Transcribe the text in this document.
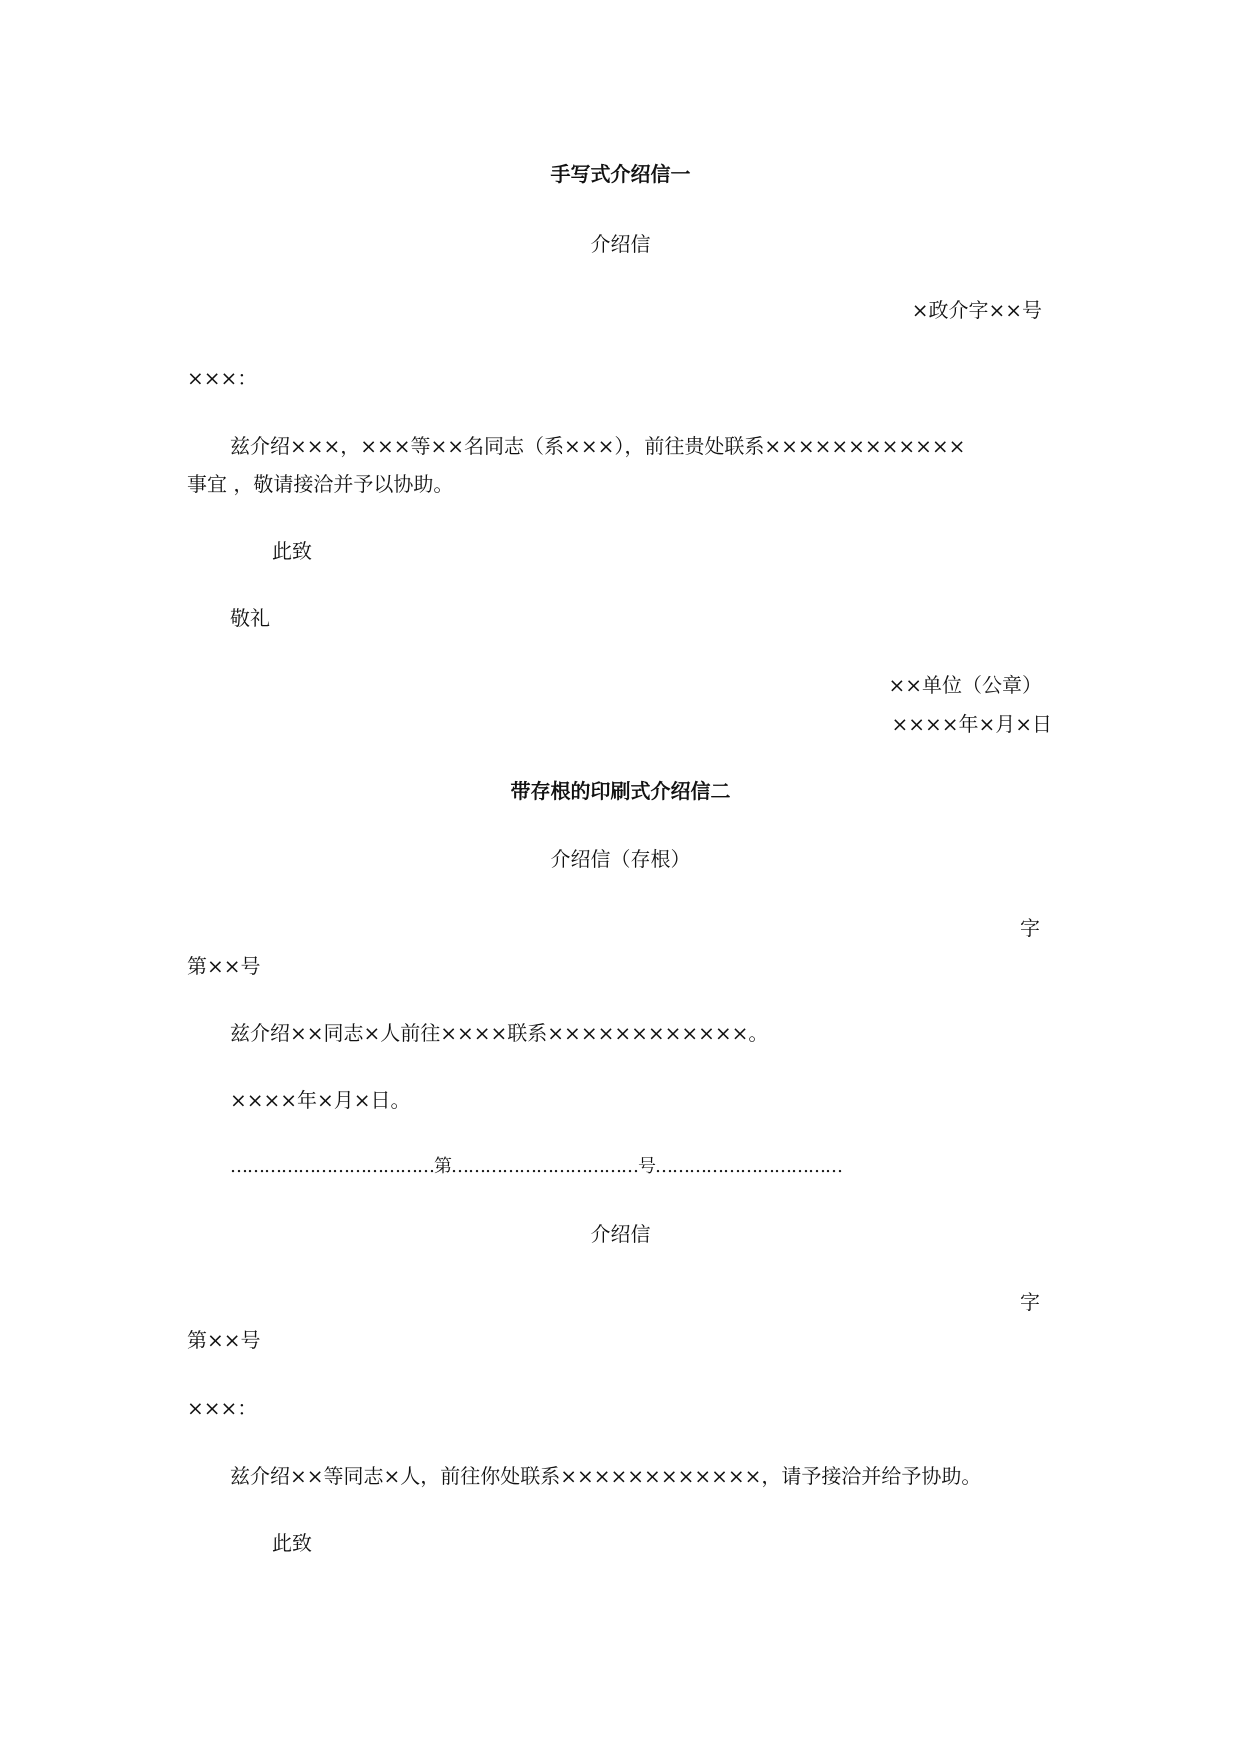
手写式介绍信一
介绍信
×政介字××号
×××：
兹介绍×××，×××等××名同志（系×××），前往贵处联系××××××××××××
事宜 ，敬请接洽并予以协助。
此致
敬礼
××单位（公章）
××××年×月×日
带存根的印刷式介绍信二
介绍信（存根）
字
第××号
兹介绍××同志×人前往××××联系××××××××××××。
××××年×月×日。
………………………………第……………………………号……………………………
介绍信
字
第××号
×××：
兹介绍××等同志×人，前往你处联系××××××××××××，请予接洽并给予协助。
此致
